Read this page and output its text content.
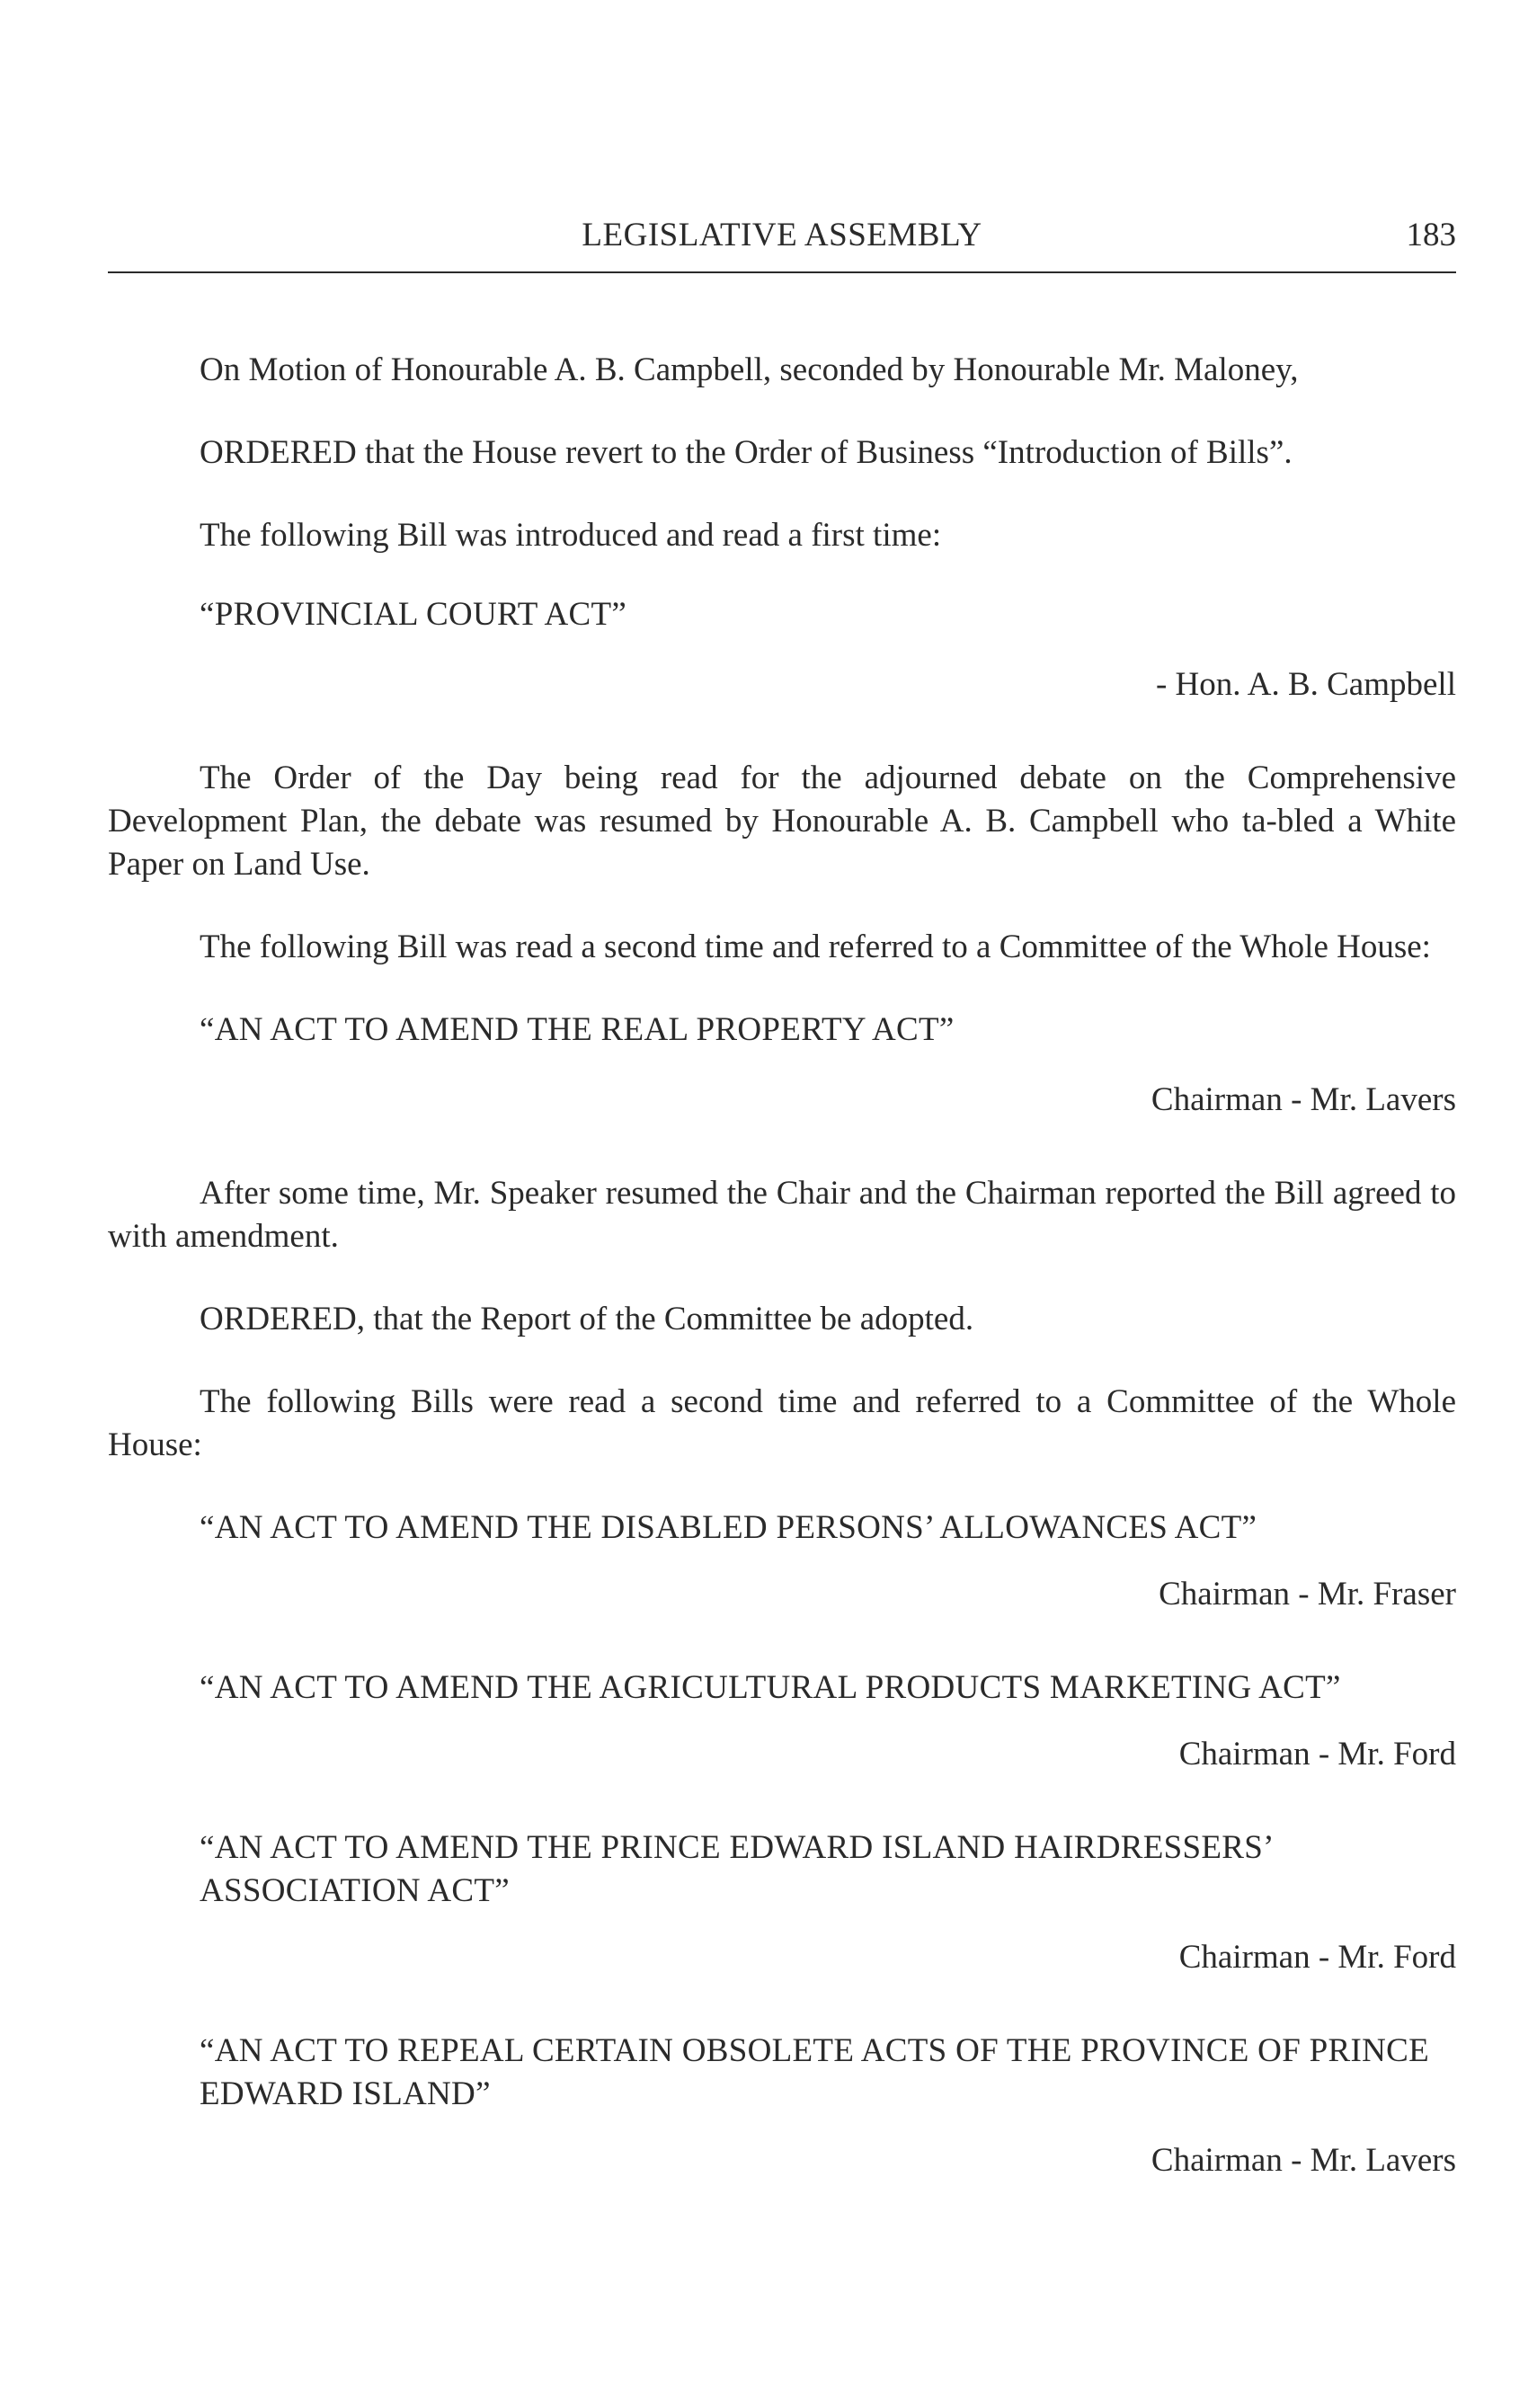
LEGISLATIVE ASSEMBLY	183

On Motion of Honourable A. B. Campbell, seconded by Honourable Mr. Maloney,

ORDERED that the House revert to the Order of Business “Introduction of Bills”.

The following Bill was introduced and read a first time:

“PROVINCIAL COURT ACT”

- Hon. A. B. Campbell

The Order of the Day being read for the adjourned debate on the Comprehensive Development Plan, the debate was resumed by Honourable A. B. Campbell who ta-bled a White Paper on Land Use.

The following Bill was read a second time and referred to a Committee of the Whole House:

“AN ACT TO AMEND THE REAL PROPERTY ACT”

Chairman - Mr. Lavers

After some time, Mr. Speaker resumed the Chair and the Chairman reported the Bill agreed to with amendment.

ORDERED, that the Report of the Committee be adopted.

The following Bills were read a second time and referred to a Committee of the Whole House:

“AN ACT TO AMEND THE DISABLED PERSONS’ ALLOWANCES ACT”

Chairman - Mr. Fraser

“AN ACT TO AMEND THE AGRICULTURAL PRODUCTS MARKETING ACT”

Chairman - Mr. Ford

“AN ACT TO AMEND THE PRINCE EDWARD ISLAND HAIRDRESSERS’ ASSOCIATION ACT”

Chairman - Mr. Ford

“AN ACT TO REPEAL CERTAIN OBSOLETE ACTS OF THE PROVINCE OF PRINCE EDWARD ISLAND”

Chairman - Mr. Lavers
